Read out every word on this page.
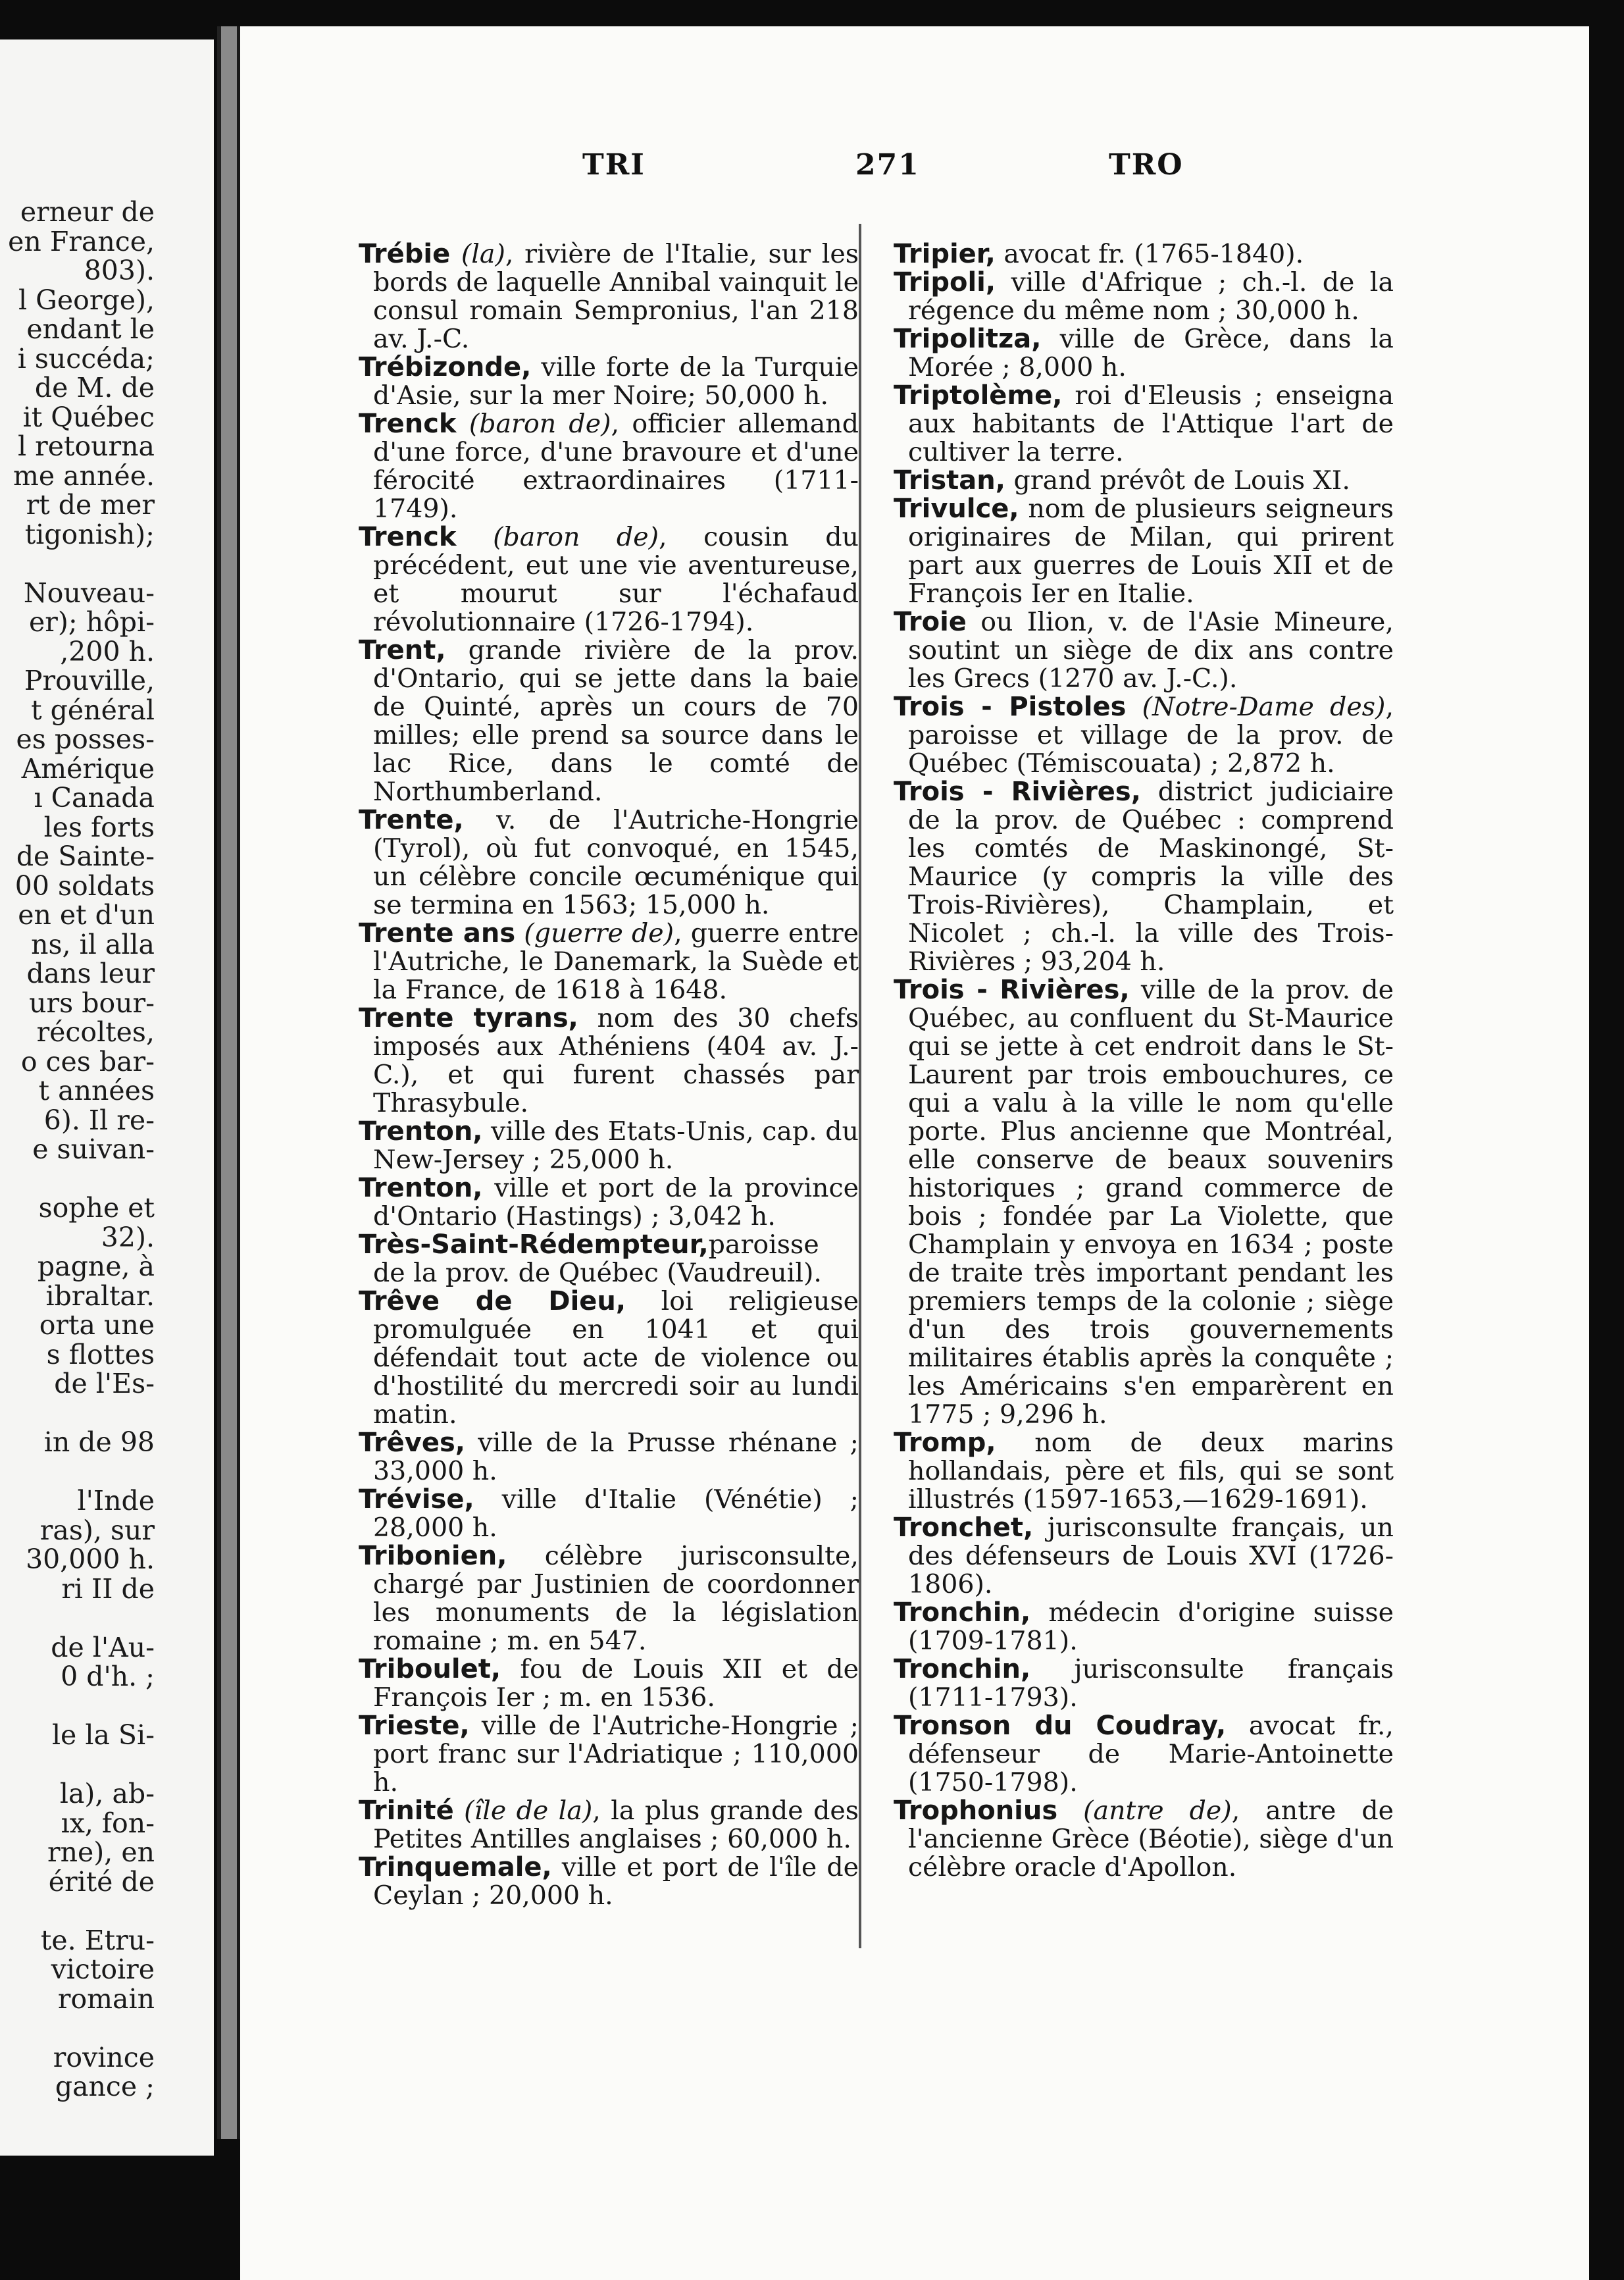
erneur de
en France,
803).
l George),
endant le
i succéda;
de M. de
it Québec
l retourna
me année.
rt de mer
tigonish);
Nouveau-
er); hôpi-
,200 h.
Prouville,
t général
es posses-
Amérique
ı Canada
les forts
de Sainte-
00 soldats
en et d'un
ns, il alla
dans leur
urs bour-
récoltes,
o ces bar-
t années
6). Il re-
e suivan-
sophe et
32).
pagne, à
ibraltar.
orta une
s flottes
de l'Es-
in de 98
l'Inde
ras), sur
30,000 h.
ri II de
de l'Au-
0 d'h. ;
le la Si-
la), ab-
ıx, fon-
rne), en
érité de
te. Etru-
victoire
romain
rovince
gance ;
TRI	271	TRO

Trébie (la), rivière de l'Italie, sur les bords de laquelle Annibal vainquit le consul romain Sempronius, l'an 218 av. J.-C.

Trébizonde, ville forte de la Turquie d'Asie, sur la mer Noire; 50,000 h.

Trenck (baron de), officier allemand d'une force, d'une bravoure et d'une férocité extraordinaires (1711-1749).

Trenck (baron de), cousin du précédent, eut une vie aventureuse, et mourut sur l'échafaud révolutionnaire (1726-1794).

Trent, grande rivière de la prov. d'Ontario, qui se jette dans la baie de Quinté, après un cours de 70 milles; elle prend sa source dans le lac Rice, dans le comté de Northumberland.

Trente, v. de l'Autriche-Hongrie (Tyrol), où fut convoqué, en 1545, un célèbre concile œcuménique qui se termina en 1563; 15,000 h.

Trente ans (guerre de), guerre entre l'Autriche, le Danemark, la Suède et la France, de 1618 à 1648.

Trente tyrans, nom des 30 chefs imposés aux Athéniens (404 av. J.-C.), et qui furent chassés par Thrasybule.

Trenton, ville des Etats-Unis, cap. du New-Jersey ; 25,000 h.

Trenton, ville et port de la province d'Ontario (Hastings) ; 3,042 h.

Très-Saint-Rédempteur,paroisse de la prov. de Québec (Vaudreuil).

Trêve de Dieu, loi religieuse promulguée en 1041 et qui défendait tout acte de violence ou d'hostilité du mercredi soir au lundi matin.

Trêves, ville de la Prusse rhénane ; 33,000 h.

Trévise, ville d'Italie (Vénétie) ; 28,000 h.

Tribonien, célèbre jurisconsulte, chargé par Justinien de coordonner les monuments de la législation romaine ; m. en 547.

Triboulet, fou de Louis XII et de François Ier ; m. en 1536.

Trieste, ville de l'Autriche-Hongrie ; port franc sur l'Adriatique ; 110,000 h.

Trinité (île de la), la plus grande des Petites Antilles anglaises ; 60,000 h.

Trinquemale, ville et port de l'île de Ceylan ; 20,000 h.

Tripier, avocat fr. (1765-1840).

Tripoli, ville d'Afrique ; ch.-l. de la régence du même nom ; 30,000 h.

Tripolitza, ville de Grèce, dans la Morée ; 8,000 h.

Triptolème, roi d'Eleusis ; enseigna aux habitants de l'Attique l'art de cultiver la terre.

Tristan, grand prévôt de Louis XI.

Trivulce, nom de plusieurs seigneurs originaires de Milan, qui prirent part aux guerres de Louis XII et de François Ier en Italie.

Troie ou Ilion, v. de l'Asie Mineure, soutint un siège de dix ans contre les Grecs (1270 av. J.-C.).

Trois - Pistoles (Notre-Dame des), paroisse et village de la prov. de Québec (Témiscouata) ; 2,872 h.

Trois - Rivières, district judiciaire de la prov. de Québec : comprend les comtés de Maskinongé, St-Maurice (y compris la ville des Trois-Rivières), Champlain, et Nicolet ; ch.-l. la ville des Trois-Rivières ; 93,204 h.

Trois - Rivières, ville de la prov. de Québec, au confluent du St-Maurice qui se jette à cet endroit dans le St-Laurent par trois embouchures, ce qui a valu à la ville le nom qu'elle porte. Plus ancienne que Montréal, elle conserve de beaux souvenirs historiques ; grand commerce de bois ; fondée par La Violette, que Champlain y envoya en 1634 ; poste de traite très important pendant les premiers temps de la colonie ; siège d'un des trois gouvernements militaires établis après la conquête ; les Américains s'en emparèrent en 1775 ; 9,296 h.

Tromp, nom de deux marins hollandais, père et fils, qui se sont illustrés (1597-1653,—1629-1691).

Tronchet, jurisconsulte français, un des défenseurs de Louis XVI (1726-1806).

Tronchin, médecin d'origine suisse (1709-1781).

Tronchin, jurisconsulte français (1711-1793).

Tronson du Coudray, avocat fr., défenseur de Marie-Antoinette (1750-1798).

Trophonius (antre de), antre de l'ancienne Grèce (Béotie), siège d'un célèbre oracle d'Apollon.
